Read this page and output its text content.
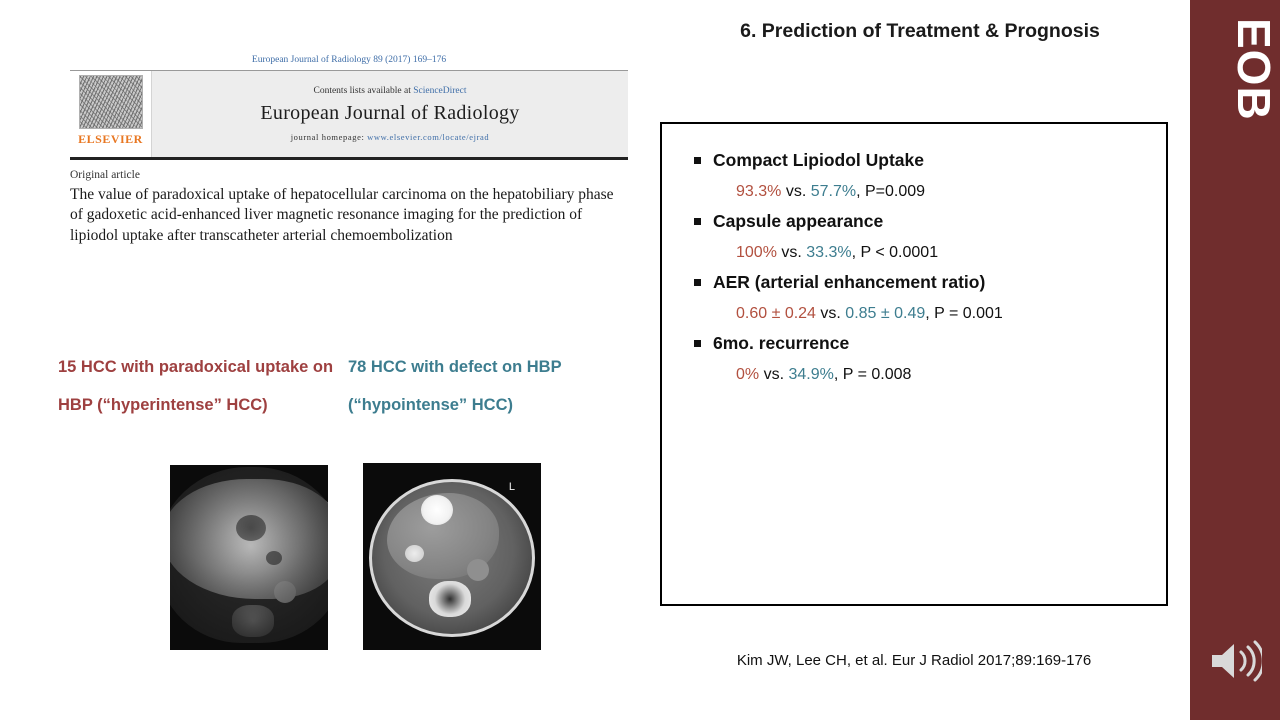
6. Prediction of Treatment & Prognosis
European Journal of Radiology 89 (2017) 169–176
ELSEVIER
Contents lists available at ScienceDirect
European Journal of Radiology
journal homepage: www.elsevier.com/locate/ejrad
Original article
The value of paradoxical uptake of hepatocellular carcinoma on the hepatobiliary phase of gadoxetic acid-enhanced liver magnetic resonance imaging for the prediction of lipiodol uptake after transcatheter arterial chemoembolization
15 HCC with paradoxical uptake on HBP (“hyperintense” HCC)
78 HCC with defect on HBP (“hypointense” HCC)
L
Compact Lipiodol Uptake
93.3% vs. 57.7%, P=0.009
Capsule appearance
100% vs. 33.3%, P < 0.0001
AER (arterial enhancement ratio)
0.60 ± 0.24 vs. 0.85 ± 0.49, P = 0.001
6mo. recurrence
0% vs. 34.9%, P = 0.008
Kim JW, Lee CH, et al. Eur J Radiol 2017;89:169-176
EOB
